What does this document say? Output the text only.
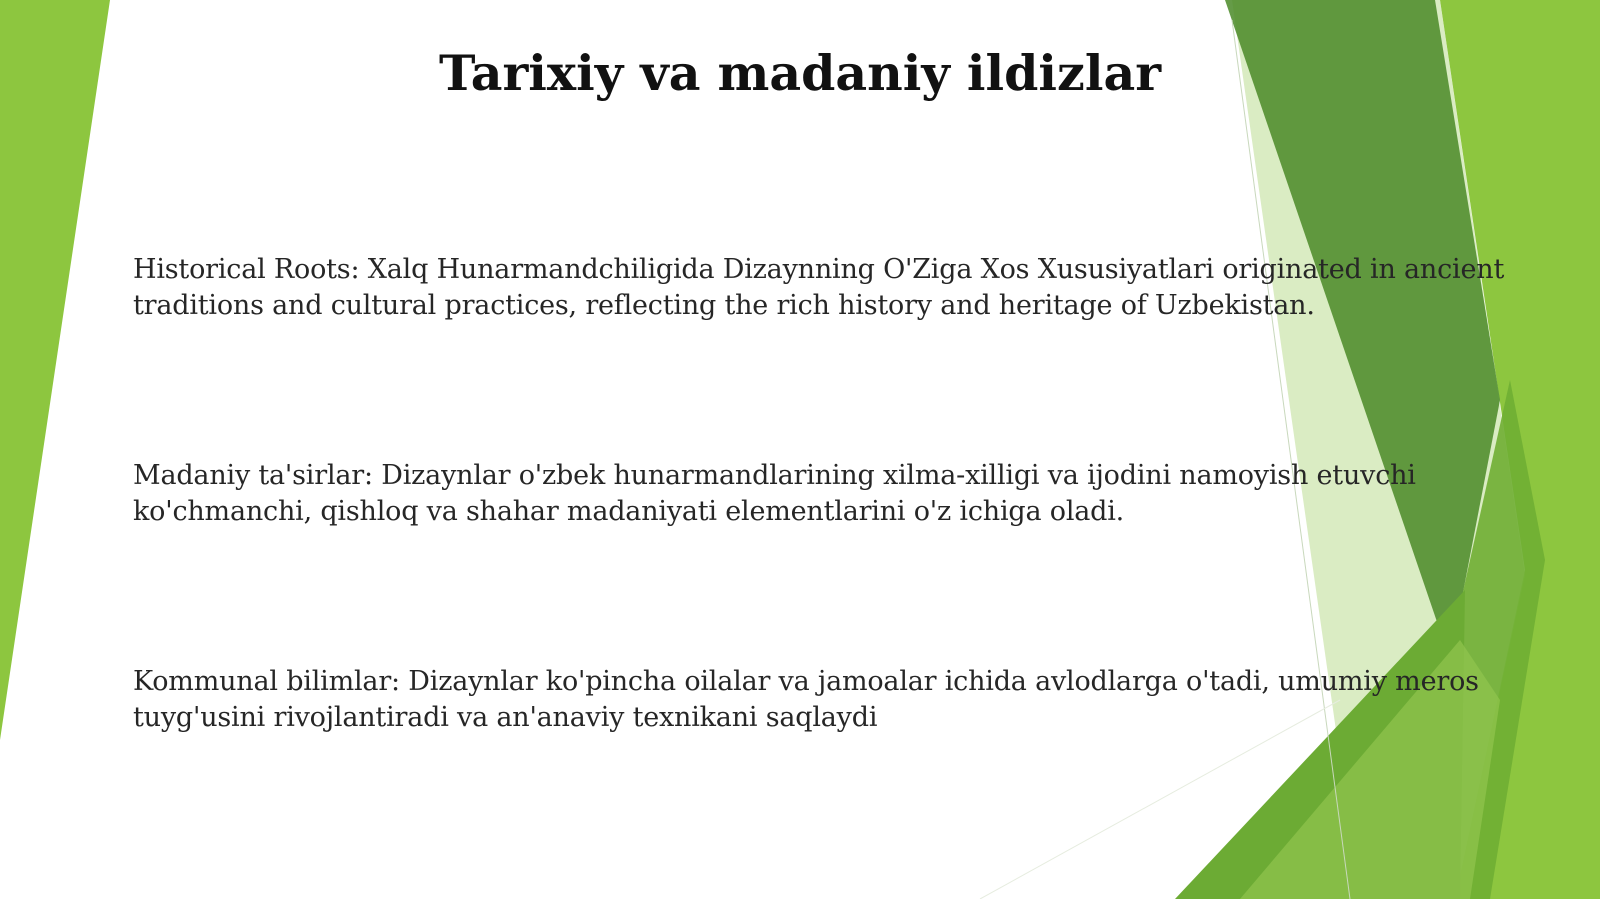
Tarixiy va madaniy ildizlar

Historical Roots: Xalq Hunarmandchiligida Dizaynning O'Ziga Xos Xususiyatlari originated in ancient traditions and cultural practices, reflecting the rich history and heritage of Uzbekistan.

Madaniy ta'sirlar: Dizaynlar o'zbek hunarmandlarining xilma-xilligi va ijodini namoyish etuvchi ko'chmanchi, qishloq va shahar madaniyati elementlarini o'z ichiga oladi.

Kommunal bilimlar: Dizaynlar ko'pincha oilalar va jamoalar ichida avlodlarga o'tadi, umumiy meros tuyg'usini rivojlantiradi va an'anaviy texnikani saqlaydi
